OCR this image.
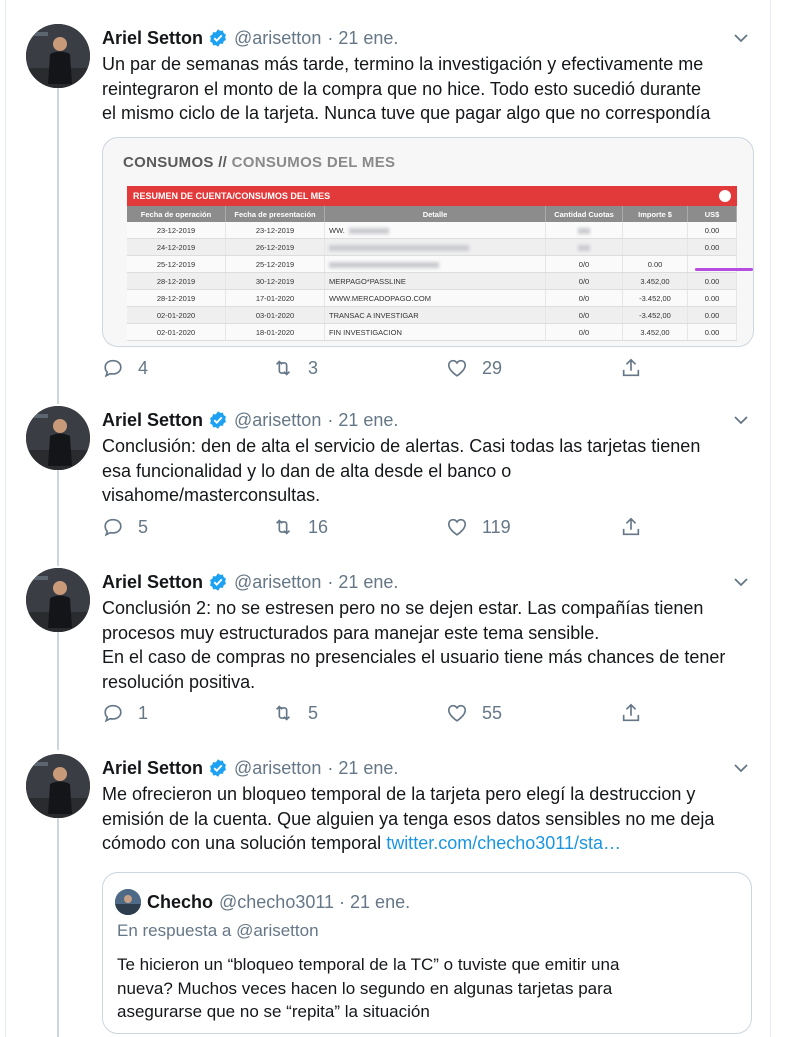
Ariel Setton @arisetton · 21 ene.

Un par de semanas más tarde, termino la investigación y efectivamente me

reintegraron el monto de la compra que no hice. Todo esto sucedió durante

el mismo ciclo de la tarjeta. Nunca tuve que pagar algo que no correspondía

CONSUMOS // CONSUMOS DEL MES
RESUMEN DE CUENTA/CONSUMOS DEL MES
Fecha de operación	Fecha de presentación	Detalle	Cantidad Cuotas	Importe $	US$
23-12-2019	23-12-2019	WW.			0.00
24-12-2019	26-12-2019				0.00
25-12-2019	25-12-2019		0/0	0.00	
28-12-2019	30-12-2019	MERPAGO*PASSLINE	0/0	3.452,00	0.00
28-12-2019	17-01-2020	WWW.MERCADOPAGO.COM	0/0	-3.452,00	0.00
02-01-2020	03-01-2020	TRANSAC A INVESTIGAR	0/0	-3.452,00	0.00
02-01-2020	18-01-2020	FIN INVESTIGACION	0/0	3.452,00	0.00
4	3	29
Ariel Setton @arisetton · 21 ene.

Conclusión: den de alta el servicio de alertas. Casi todas las tarjetas tienen

esa funcionalidad y lo dan de alta desde el banco o

visahome/masterconsultas.

5	16	119
Ariel Setton @arisetton · 21 ene.

Conclusión 2: no se estresen pero no se dejen estar. Las compañías tienen

procesos muy estructurados para manejar este tema sensible.

En el caso de compras no presenciales el usuario tiene más chances de tener

resolución positiva.

1	5	55
Ariel Setton @arisetton · 21 ene.

Me ofrecieron un bloqueo temporal de la tarjeta pero elegí la destruccion y

emisión de la cuenta. Que alguien ya tenga esos datos sensibles no me deja

cómodo con una solución temporal twitter.com/checho3011/sta…

Checho @checho3011 · 21 ene.
En respuesta a @arisetton
Te hicieron un “bloqueo temporal de la TC” o tuviste que emitir una
nueva? Muchos veces hacen lo segundo en algunas tarjetas para
asegurarse que no se “repita” la situación
